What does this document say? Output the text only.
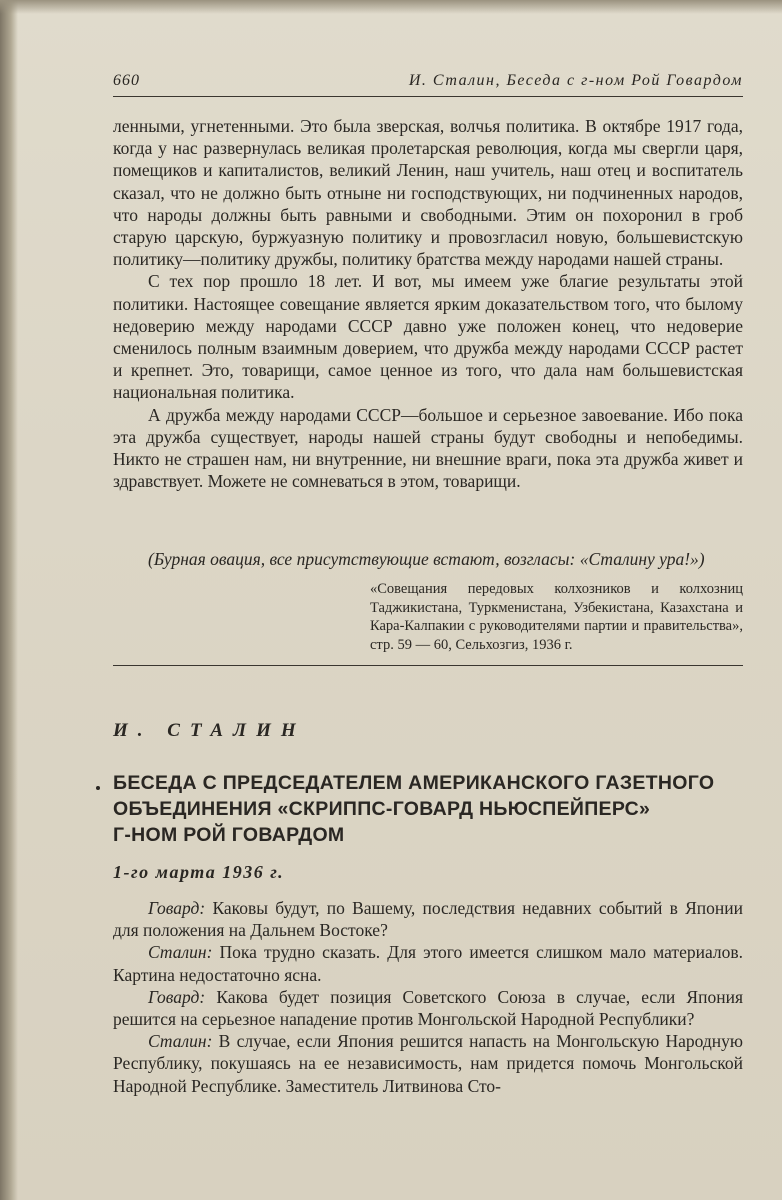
660	И. Сталин, Беседа с г-ном Рой Говардом

ленными, угнетенными. Это была зверская, волчья политика. В октябре 1917 года, когда у нас развернулась великая пролетарская революция, когда мы свергли царя, помещиков и капиталистов, великий Ленин, наш учитель, наш отец и воспитатель сказал, что не должно быть отныне ни господствующих, ни подчиненных народов, что народы должны быть равными и свободными. Этим он похоронил в гроб старую царскую, буржуазную политику и провозгласил новую, большевистскую политику—политику дружбы, политику братства между народами нашей страны.

С тех пор прошло 18 лет. И вот, мы имеем уже благие результаты этой политики. Настоящее совещание является ярким доказательством того, что былому недоверию между народами СССР давно уже положен конец, что недоверие сменилось полным взаимным доверием, что дружба между народами СССР растет и крепнет. Это, товарищи, самое ценное из того, что дала нам большевистская национальная политика.

А дружба между народами СССР—большое и серьезное завоевание. Ибо пока эта дружба существует, народы нашей страны будут свободны и непобедимы. Никто не страшен нам, ни внутренние, ни внешние враги, пока эта дружба живет и здравствует. Можете не сомневаться в этом, товарищи.

(Бурная овация, все присутствующие встают, возгласы: «Сталину ура!»)
«Совещания передовых колхозников и колхозниц Таджикистана, Туркменистана, Узбекистана, Казахстана и Кара-Калпакии с руководителями партии и правительства», стр. 59 — 60, Сельхозгиз, 1936 г.
И. СТАЛИН
БЕСЕДА С ПРЕДСЕДАТЕЛЕМ АМЕРИКАНСКОГО ГАЗЕТНОГО
ОБЪЕДИНЕНИЯ «СКРИППС-ГОВАРД НЬЮСПЕЙПЕРС»
Г-НОМ РОЙ ГОВАРДОМ
1-го марта 1936 г.

Говард: Каковы будут, по Вашему, последствия недавних событий в Японии для положения на Дальнем Востоке?

Сталин: Пока трудно сказать. Для этого имеется слишком мало материалов. Картина недостаточно ясна.

Говард: Какова будет позиция Советского Союза в случае, если Япония решится на серьезное нападение против Монгольской Народной Республики?

Сталин: В случае, если Япония решится напасть на Монгольскую Народную Республику, покушаясь на ее независимость, нам придется помочь Монгольской Народной Республике. Заместитель Литвинова Сто-
